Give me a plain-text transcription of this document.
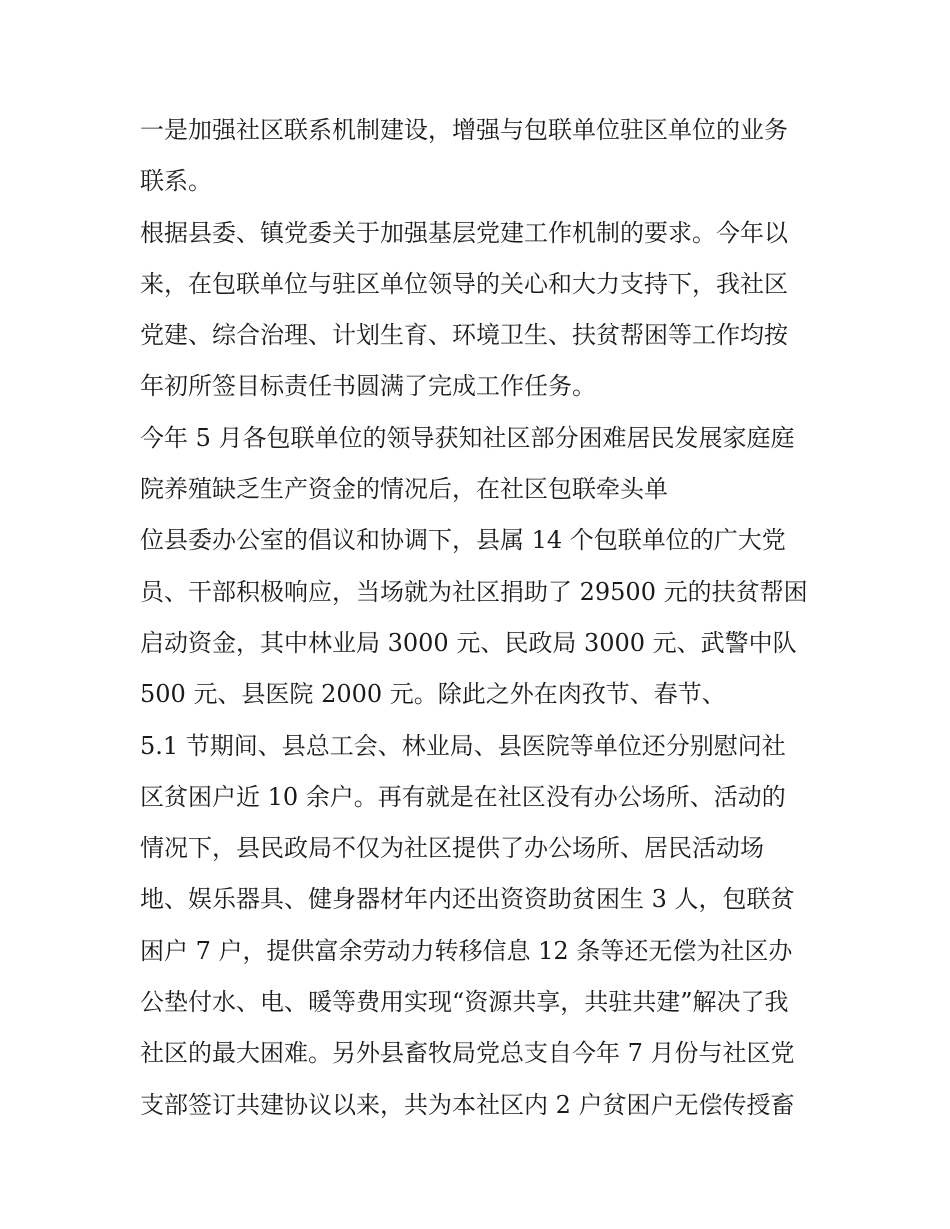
一是加强社区联系机制建设，增强与包联单位驻区单位的业务
联系。
根据县委、镇党委关于加强基层党建工作机制的要求。今年以
来，在包联单位与驻区单位领导的关心和大力支持下，我社区
党建、综合治理、计划生育、环境卫生、扶贫帮困等工作均按
年初所签目标责任书圆满了完成工作任务。
今年 5 月各包联单位的领导获知社区部分困难居民发展家庭庭
院养殖缺乏生产资金的情况后，在社区包联牵头单
位县委办公室的倡议和协调下，县属 14 个包联单位的广大党
员、干部积极响应，当场就为社区捐助了 29500 元的扶贫帮困
启动资金，其中林业局 3000 元、民政局 3000 元、武警中队
500 元、县医院 2000 元。除此之外在肉孜节、春节、
5.1 节期间、县总工会、林业局、县医院等单位还分别慰问社
区贫困户近 10 余户。再有就是在社区没有办公场所、活动的
情况下，县民政局不仅为社区提供了办公场所、居民活动场
地、娱乐器具、健身器材年内还出资资助贫困生 3 人，包联贫
困户 7 户，提供富余劳动力转移信息 12 条等还无偿为社区办
公垫付水、电、暖等费用实现“资源共享，共驻共建”解决了我
社区的最大困难。另外县畜牧局党总支自今年 7 月份与社区党
支部签订共建协议以来，共为本社区内 2 户贫困户无偿传授畜
